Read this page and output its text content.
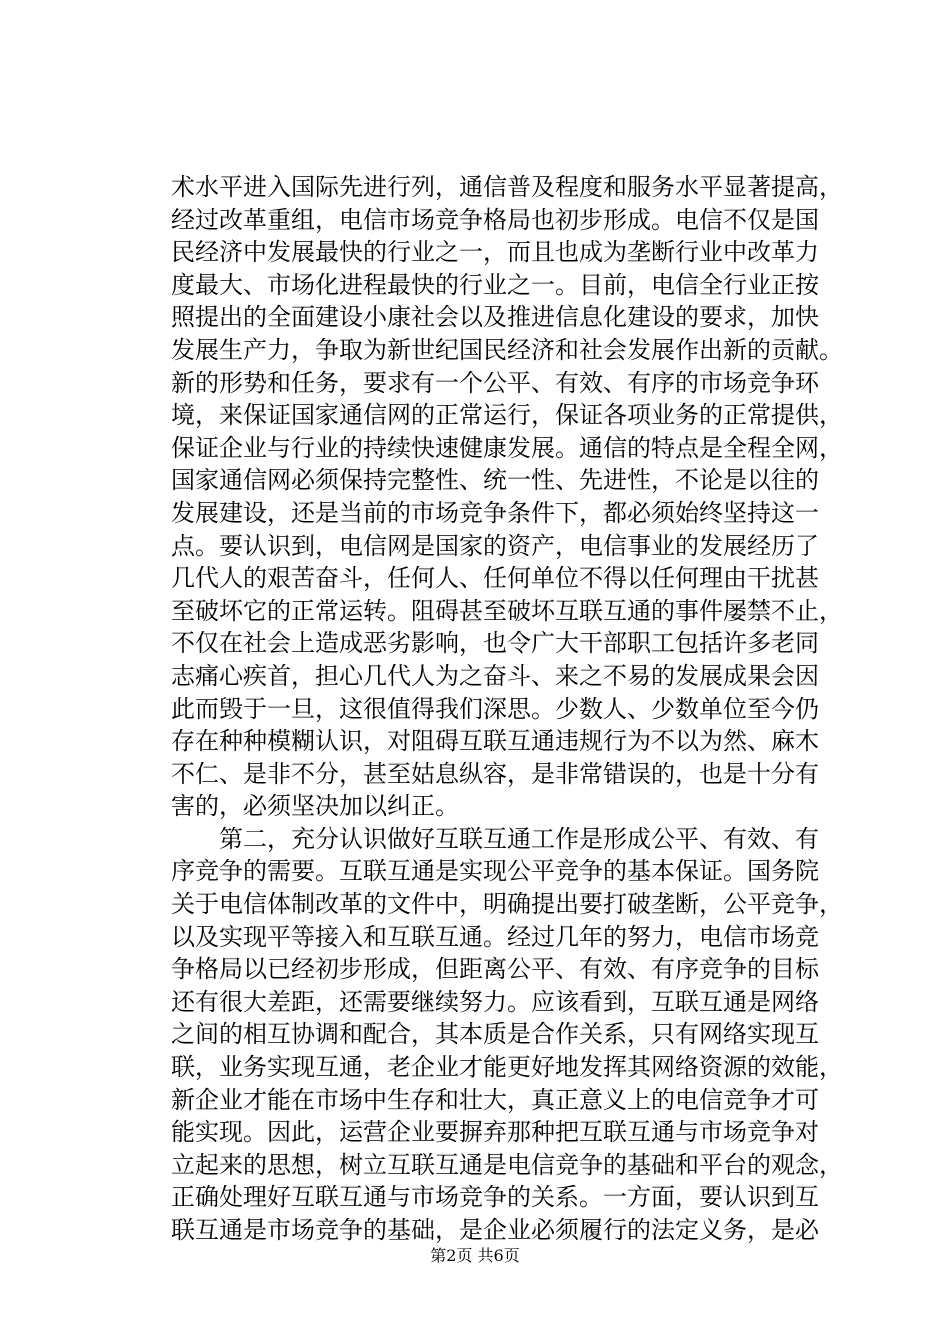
术水平进入国际先进行列，通信普及程度和服务水平显著提高，
经过改革重组，电信市场竞争格局也初步形成。电信不仅是国
民经济中发展最快的行业之一，而且也成为垄断行业中改革力
度最大、市场化进程最快的行业之一。目前，电信全行业正按
照提出的全面建设小康社会以及推进信息化建设的要求，加快
发展生产力，争取为新世纪国民经济和社会发展作出新的贡献。
新的形势和任务，要求有一个公平、有效、有序的市场竞争环
境，来保证国家通信网的正常运行，保证各项业务的正常提供，
保证企业与行业的持续快速健康发展。通信的特点是全程全网，
国家通信网必须保持完整性、统一性、先进性，不论是以往的
发展建设，还是当前的市场竞争条件下，都必须始终坚持这一
点。要认识到，电信网是国家的资产，电信事业的发展经历了
几代人的艰苦奋斗，任何人、任何单位不得以任何理由干扰甚
至破坏它的正常运转。阻碍甚至破坏互联互通的事件屡禁不止，
不仅在社会上造成恶劣影响，也令广大干部职工包括许多老同
志痛心疾首，担心几代人为之奋斗、来之不易的发展成果会因
此而毁于一旦，这很值得我们深思。少数人、少数单位至今仍
存在种种模糊认识，对阻碍互联互通违规行为不以为然、麻木
不仁、是非不分，甚至姑息纵容，是非常错误的，也是十分有
害的，必须坚决加以纠正。
　　第二，充分认识做好互联互通工作是形成公平、有效、有
序竞争的需要。互联互通是实现公平竞争的基本保证。国务院
关于电信体制改革的文件中，明确提出要打破垄断，公平竞争，
以及实现平等接入和互联互通。经过几年的努力，电信市场竞
争格局以已经初步形成，但距离公平、有效、有序竞争的目标
还有很大差距，还需要继续努力。应该看到，互联互通是网络
之间的相互协调和配合，其本质是合作关系，只有网络实现互
联，业务实现互通，老企业才能更好地发挥其网络资源的效能，
新企业才能在市场中生存和壮大，真正意义上的电信竞争才可
能实现。因此，运营企业要摒弃那种把互联互通与市场竞争对
立起来的思想，树立互联互通是电信竞争的基础和平台的观念，
正确处理好互联互通与市场竞争的关系。一方面，要认识到互
联互通是市场竞争的基础，是企业必须履行的法定义务，是必
第2页 共6页
